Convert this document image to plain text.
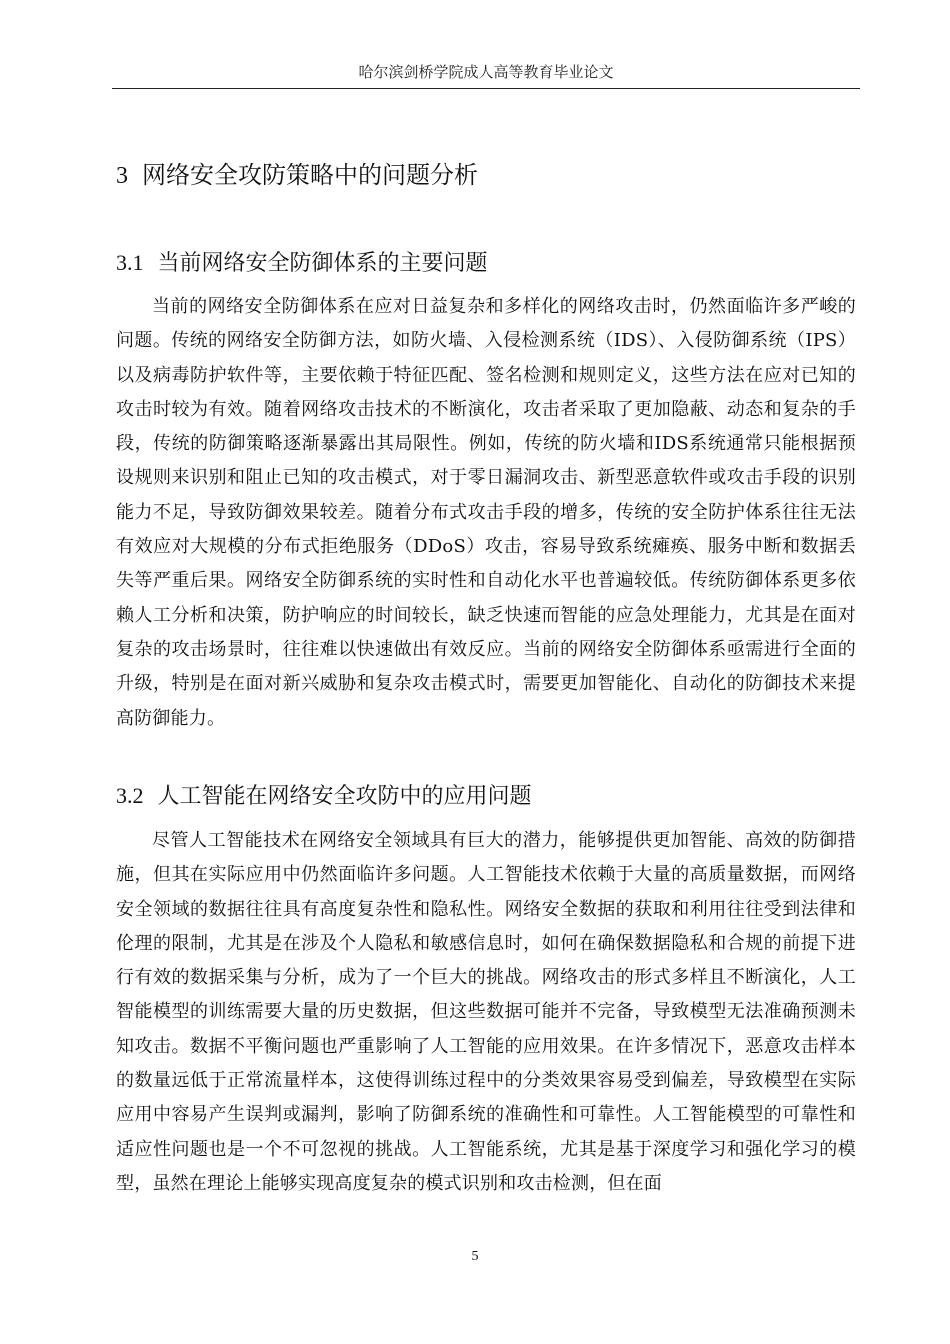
哈尔滨剑桥学院成人高等教育毕业论文
3 网络安全攻防策略中的问题分析
3.1 当前网络安全防御体系的主要问题

当前的网络安全防御体系在应对日益复杂和多样化的网络攻击时，仍然面临许多严峻的问题。传统的网络安全防御方法，如防火墙、入侵检测系统（IDS）、入侵防御系统（IPS）以及病毒防护软件等，主要依赖于特征匹配、签名检测和规则定义，这些方法在应对已知的攻击时较为有效。随着网络攻击技术的不断演化，攻击者采取了更加隐蔽、动态和复杂的手段，传统的防御策略逐渐暴露出其局限性。例如，传统的防火墙和IDS系统通常只能根据预设规则来识别和阻止已知的攻击模式，对于零日漏洞攻击、新型恶意软件或攻击手段的识别能力不足，导致防御效果较差。随着分布式攻击手段的增多，传统的安全防护体系往往无法有效应对大规模的分布式拒绝服务（DDoS）攻击，容易导致系统瘫痪、服务中断和数据丢失等严重后果。网络安全防御系统的实时性和自动化水平也普遍较低。传统防御体系更多依赖人工分析和决策，防护响应的时间较长，缺乏快速而智能的应急处理能力，尤其是在面对复杂的攻击场景时，往往难以快速做出有效反应。当前的网络安全防御体系亟需进行全面的升级，特别是在面对新兴威胁和复杂攻击模式时，需要更加智能化、自动化的防御技术来提高防御能力。

3.2 人工智能在网络安全攻防中的应用问题

尽管人工智能技术在网络安全领域具有巨大的潜力，能够提供更加智能、高效的防御措施，但其在实际应用中仍然面临许多问题。人工智能技术依赖于大量的高质量数据，而网络安全领域的数据往往具有高度复杂性和隐私性。网络安全数据的获取和利用往往受到法律和伦理的限制，尤其是在涉及个人隐私和敏感信息时，如何在确保数据隐私和合规的前提下进行有效的数据采集与分析，成为了一个巨大的挑战。网络攻击的形式多样且不断演化，人工智能模型的训练需要大量的历史数据，但这些数据可能并不完备，导致模型无法准确预测未知攻击。数据不平衡问题也严重影响了人工智能的应用效果。在许多情况下，恶意攻击样本的数量远低于正常流量样本，这使得训练过程中的分类效果容易受到偏差，导致模型在实际应用中容易产生误判或漏判，影响了防御系统的准确性和可靠性。人工智能模型的可靠性和适应性问题也是一个不可忽视的挑战。人工智能系统，尤其是基于深度学习和强化学习的模型，虽然在理论上能够实现高度复杂的模式识别和攻击检测，但在面

5
